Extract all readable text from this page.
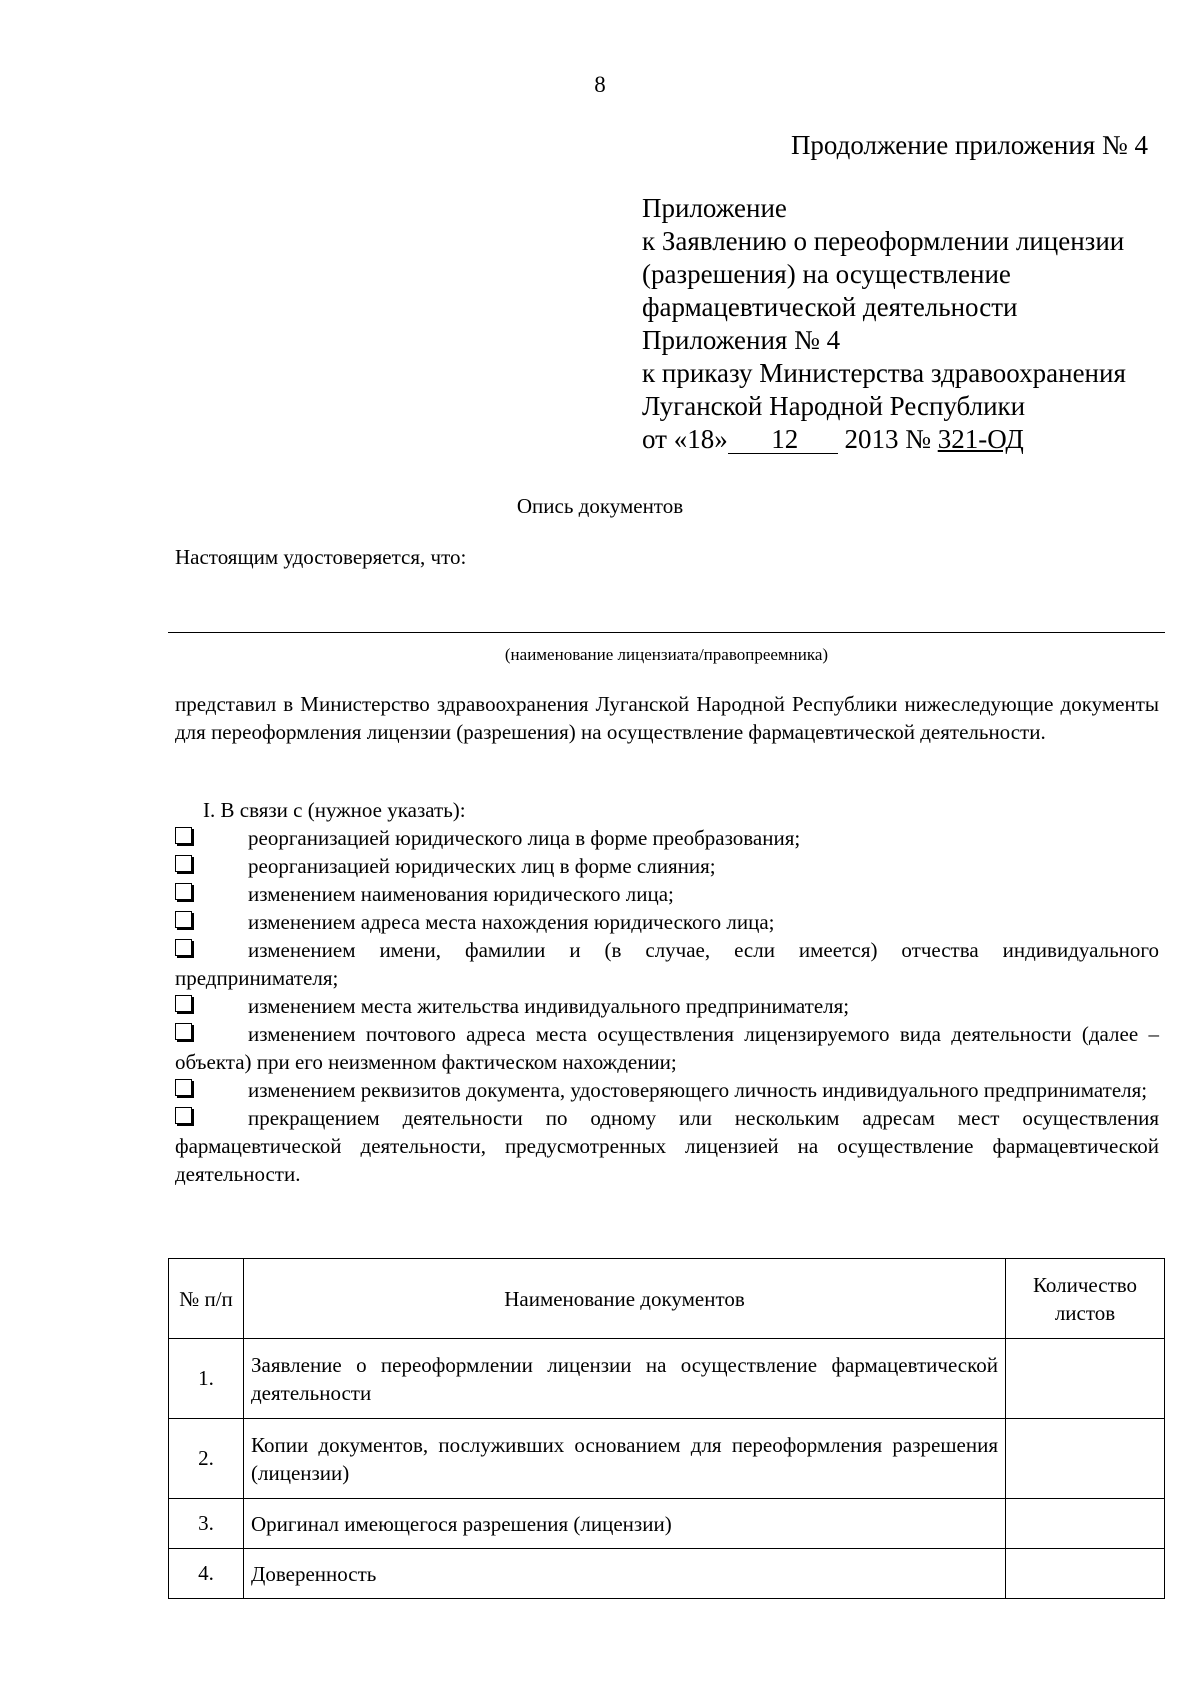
8
Продолжение приложения № 4
Приложение
к Заявлению о переоформлении лицензии
(разрешения) на осуществление
фармацевтической деятельности
Приложения № 4
к приказу Министерства здравоохранения
Луганской Народной Республики
от «18» 12 2013 № 321-ОД
Опись документов
Настоящим удостоверяется, что:
(наименование лицензиата/правопреемника)
представил в Министерство здравоохранения Луганской Народной Республики нижеследующие документы для переоформления лицензии (разрешения) на осуществление фармацевтической деятельности.
I. В связи с (нужное указать):
реорганизацией юридического лица в форме преобразования;
реорганизацией юридических лиц в форме слияния;
изменением наименования юридического лица;
изменением адреса места нахождения юридического лица;
изменением имени, фамилии и (в случае, если имеется) отчества индивидуального предпринимателя;
изменением места жительства индивидуального предпринимателя;
изменением почтового адреса места осуществления лицензируемого вида деятельности (далее – объекта) при его неизменном фактическом нахождении;
изменением реквизитов документа, удостоверяющего личность индивидуального предпринимателя;
прекращением деятельности по одному или нескольким адресам мест осуществления фармацевтической деятельности, предусмотренных лицензией на осуществление фармацевтической деятельности.
№ п/п	Наименование документов	Количество листов
1.	Заявление о переоформлении лицензии на осуществление фармацевтической деятельности	
2.	Копии документов, послуживших основанием для переоформления разрешения (лицензии)	
3.	Оригинал имеющегося разрешения (лицензии)	
4.	Доверенность	
